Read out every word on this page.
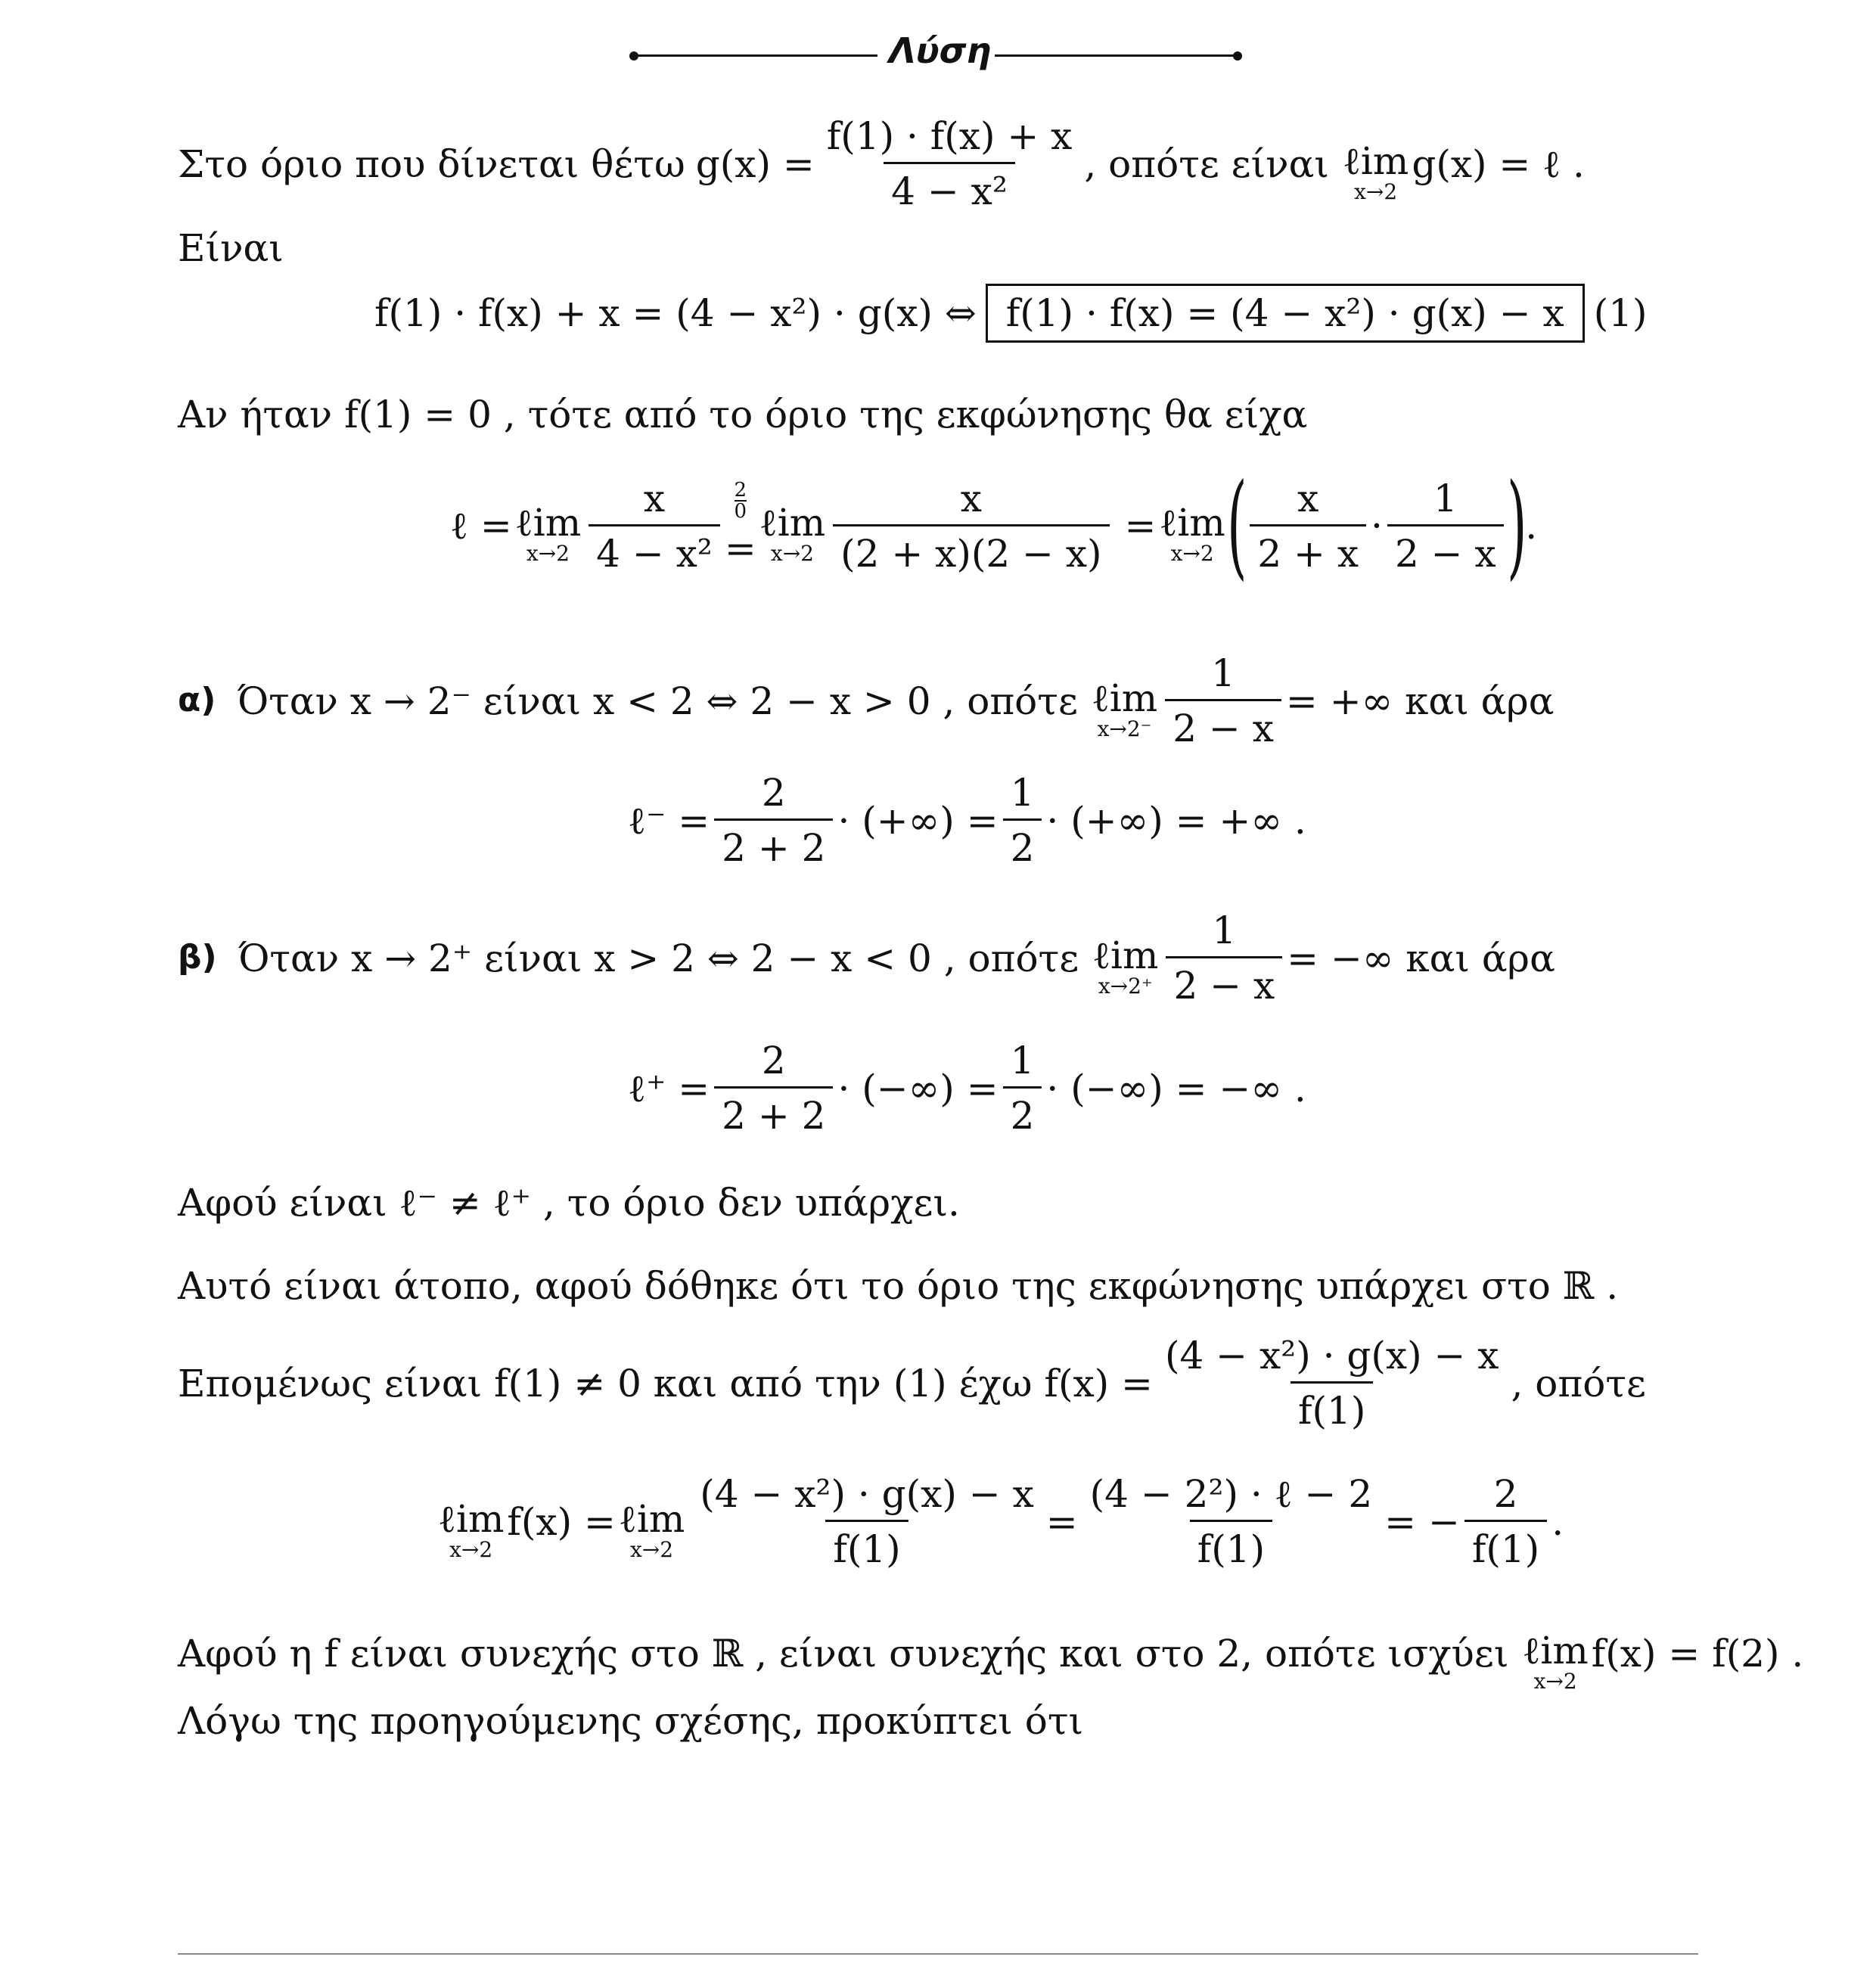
Λύση
Στο όριο που δίνεται θέτω $g(x) = \frac{f(1) \cdot f(x) + x}{\text{4 − x²}}$ , οπότε είναι ℓim
x→2
g(x) = ℓ .
Είναι
f(1) · f(x) + x = (4 − x²) · g(x) ⇔ f(1) · f(x) = (4 − x²) · g(x) − x (1)
Αν ήταν f(1) = 0 , τότε από το όριο της εκφώνησης θα είχα
ℓ = ℓim
$x\to 2 \frac{x}{\text{4 − x²}} \frac{2}{0}$
=
ℓim
$x\to 2 \frac{x}{(2 + x)(2 - x)}$ = ℓim
x→2 ( $\frac{x}{2 + x} \cdot \frac{1}{2 - x}$ )
.
α) Όταν x → 2⁻ είναι x < 2 ⇔ 2 − x > 0 , οπότε ℓim
$x\to 2^- \frac{1}{2 - x}$ = +∞ και άρα
ℓ⁻ = $\frac{2}{2 + 2}$ · (+∞) = $\frac{1}{2}$ · (+∞) = +∞ .
β) Όταν x → 2⁺ είναι x > 2 ⇔ 2 − x < 0 , οπότε ℓim
$x\to 2^+ \frac{1}{2 - x}$ = −∞ και άρα
ℓ⁺ = $\frac{2}{2 + 2}$ · (−∞) = $\frac{1}{2}$ · (−∞) = −∞ .
Αφού είναι ℓ⁻ ≠ ℓ⁺ , το όριο δεν υπάρχει.
Αυτό είναι άτοπο, αφού δόθηκε ότι το όριο της εκφώνησης υπάρχει στο ℝ .
Επομένως είναι f(1) ≠ 0 και από την (1) έχω $f(x) = \frac{\text{(4 − x²) · g(x) − x}}{f(1)}$ , οπότε
ℓim
x→2
f(x) = ℓim
$x\to 2 \frac{\text{(4 − x²) · g(x) − x}}{f(1)} = \frac{\text{(4 − 2²) · ℓ − 2}}{f(1)}$ = − $\frac{2}{f(1)}$ .
Αφού η f είναι συνεχής στο ℝ , είναι συνεχής και στο 2, οπότε ισχύει ℓim
x→2
f(x) = f(2) .
Λόγω της προηγούμενης σχέσης, προκύπτει ότι
